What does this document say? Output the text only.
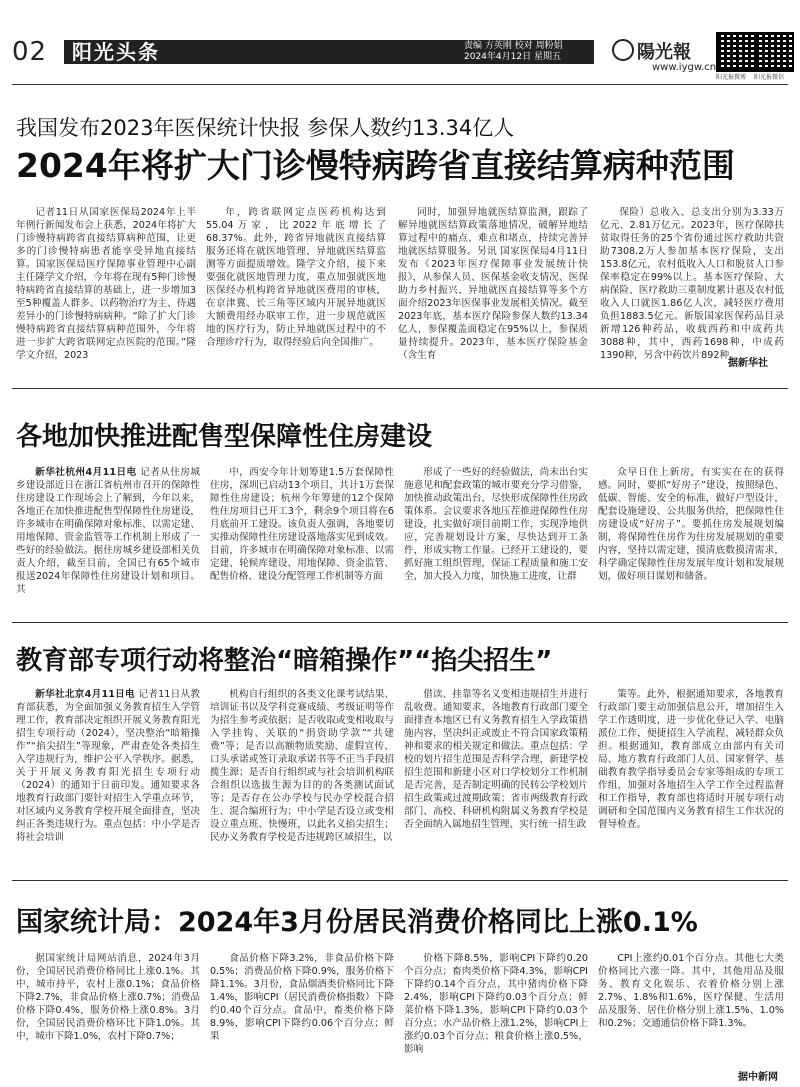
02 阳光头条	责编 方英刚 校对 周粉娟
2024年4月12日 星期五	陽光報
www.iygw.cn
阳光报微博 阳光报微信
我国发布2023年医保统计快报 参保人数约13.34亿人
2024年将扩大门诊慢特病跨省直接结算病种范围

记者11日从国家医保局2024年上半年例行新闻发布会上获悉，2024年将扩大门诊慢特病跨省直接结算病种范围，让更多的门诊慢特病患者能享受异地直接结算。国家医保局医疗保障事业管理中心副主任隆学文介绍，今年将在现有5种门诊慢特病跨省直接结算的基础上，进一步增加3至5种覆盖人群多、以药物治疗为主、待遇差异小的门诊慢特病病种。“除了扩大门诊慢特病跨省直接结算病种范围外，今年将进一步扩大跨省联网定点医院的范围。”隆学文介绍，2023

年，跨省联网定点医药机构达到55.04万家，比2022年底增长了68.37%。此外，跨省异地就医直接结算服务还将在就医地管理、异地就医结算监测等方面提质增效。隆学文介绍，接下来要强化就医地管理力度，重点加强就医地医保经办机构跨省异地就医费用的审核，在京津冀、长三角等区域内开展异地就医大额费用经办联审工作，进一步规范就医地的医疗行为，防止异地就医过程中的不合理诊疗行为，取得经验后向全国推广。

同时，加强异地就医结算监测，跟踪了解异地就医结算政策落地情况，破解异地结算过程中的痛点、难点和堵点，持续完善异地就医结算服务。另讯 国家医保局4月11日发布《2023年医疗保障事业发展统计快报》，从参保人员、医保基金收支情况、医保助力乡村振兴、异地就医直接结算等多个方面介绍2023年医保事业发展相关情况。截至2023年底，基本医疗保险参保人数约13.34亿人，参保覆盖面稳定在95%以上，参保质量持续提升。2023年，基本医疗保险基金（含生育

保险）总收入、总支出分别为3.33万亿元、2.81万亿元。2023年，医疗保障扶贫取得任务的25个省份通过医疗救助共资助7308.2万人参加基本医疗保险，支出153.8亿元，农村低收入人口和脱贫人口参保率稳定在99%以上。基本医疗保险、大病保险、医疗救助三重制度累计惠及农村低收入人口就医1.86亿人次，减轻医疗费用负担1883.5亿元。新版国家医保药品目录新增126种药品，收载西药和中成药共3088种，其中，西药1698种，中成药1390种，另含中药饮片892种。

据新华社
各地加快推进配售型保障性住房建设

新华社杭州4月11日电 记者从住房城乡建设部近日在浙江省杭州市召开的保障性住房建设工作现场会上了解到，今年以来，各地正在加快推进配售型保障性住房建设，许多城市在明确保障对象标准、以需定建、用地保障、资金监管等工作机制上形成了一些好的经验做法。据住房城乡建设部相关负责人介绍，截至目前，全国已有65个城市报送2024年保障性住房建设计划和项目。其

中，西安今年计划筹建1.5万套保障性住房，深圳已启动13个项目，共计1万套保障性住房建设；杭州今年筹建的12个保障性住房项目已开工3个，剩余9个项目将在6月底前开工建设。该负责人强调，各地要切实推动保障性住房建设落地落实见到成效。目前，许多城市在明确保障对象标准、以需定建、轮候库建设、用地保障、资金监管、配售价格、建设分配管理工作机制等方面

形成了一些好的经验做法，尚未出台实施意见和配套政策的城市要充分学习借鉴，加快推动政策出台，尽快形成保障性住房政策体系。会议要求各地压茬推进保障性住房建设，扎实做好项目前期工作，实现净地供应，完善规划设计方案，尽快达到开工条件，形成实物工作量。已经开工建设的，要抓好施工组织管理，保证工程质量和施工安全，加大投入力度，加快施工进度，让群

众早日住上新房，有实实在在的获得感。同时，要抓“好房子”建设，按照绿色、低碳、智能、安全的标准，做好户型设计，配套设施建设、公共服务供给，把保障性住房建设成“好房子”。要抓住房发展规划编制，将保障性住房作为住房发展规划的重要内容，坚持以需定建，摸清底数摸清需求，科学确定保障性住房发展年度计划和发展规划，做好项目谋划和储备。

教育部专项行动将整治“暗箱操作”“掐尖招生”

新华社北京4月11日电 记者11日从教育部获悉，为全面加强义务教育招生入学管理工作，教育部决定组织开展义务教育阳光招生专项行动（2024），坚决整治“暗箱操作”“掐尖招生”等现象，严肃查处各类招生入学违规行为，维护公平入学秩序。据悉，关于开展义务教育阳光招生专项行动（2024）的通知于日前印发。通知要求各地教育行政部门要针对招生入学重点环节，对区域内义务教育学校开展全面排查，坚决纠正各类违规行为。重点包括：中小学是否将社会培训

机构自行组织的各类文化课考试结果、培训证书以及学科竞赛成绩、考级证明等作为招生参考或依据；是否收取或变相收取与入学挂钩、关联的“捐资助学款”“共建费”等；是否以高额物质奖励、虚假宣传、口头承诺或签订录取承诺书等不正当手段招揽生源；是否自行组织或与社会培训机构联合组织以选拔生源为目的的各类测试面试等；是否存在公办学校与民办学校混合招生、混合编班行为；中小学是否设立或变相设立重点班、快慢班，以此名义掐尖招生；民办义务教育学校是否违规跨区域招生，以

借读、挂靠等名义变相违规招生并进行乱收费。通知要求，各地教育行政部门要全面排查本地区已有义务教育招生入学政策措施内容，坚决纠正或废止不符合国家政策精神和要求的相关规定和做法。重点包括：学校的划片招生范围是否科学合理，新建学校招生范围和新建小区对口学校划分工作机制是否完善，是否制定明确的民转公学校划片招生政策或过渡期政策；省市两级教育行政部门、高校、科研机构附属义务教育学校是否全面纳入属地招生管理、实行统一招生政

策等。此外，根据通知要求，各地教育行政部门要主动加强信息公开，增加招生入学工作透明度，进一步优化登记入学、电脑派位工作，便捷招生入学流程，减轻群众负担。根据通知，教育部成立由部内有关司局、地方教育行政部门人员、国家督学、基础教育教学指导委员会专家等组成的专项工作组，加强对各地招生入学工作全过程监督和工作指导，教育部也将适时开展专项行动调研和全国范围内义务教育招生工作状况的督导检查。

国家统计局：2024年3月份居民消费价格同比上涨0.1%

据国家统计局网站消息，2024年3月份，全国居民消费价格同比上涨0.1%。其中，城市持平，农村上涨0.1%；食品价格下降2.7%，非食品价格上涨0.7%；消费品价格下降0.4%，服务价格上涨0.8%。3月份，全国居民消费价格环比下降1.0%。其中，城市下降1.0%，农村下降0.7%；

食品价格下降3.2%，非食品价格下降0.5%；消费品价格下降0.9%，服务价格下降1.1%。3月份，食品烟酒类价格同比下降1.4%，影响CPI（居民消费价格指数）下降约0.40个百分点。食品中，畜类价格下降8.9%，影响CPI下降约0.06个百分点；鲜果

价格下降8.5%，影响CPI下降约0.20个百分点；畜肉类价格下降4.3%，影响CPI下降约0.14个百分点，其中猪肉价格下降2.4%，影响CPI下降约0.03个百分点；鲜菜价格下降1.3%，影响CPI下降约0.03个百分点；水产品价格上涨1.2%，影响CPI上涨约0.03个百分点；粮食价格上涨0.5%，影响

CPI上涨约0.01个百分点。其他七大类价格同比六涨一降。其中，其他用品及服务、教育文化娱乐、衣着价格分别上涨2.7%、1.8%和1.6%，医疗保健、生活用品及服务、居住价格分别上涨1.5%、1.0%和0.2%；交通通信价格下降1.3%。

据中新网
